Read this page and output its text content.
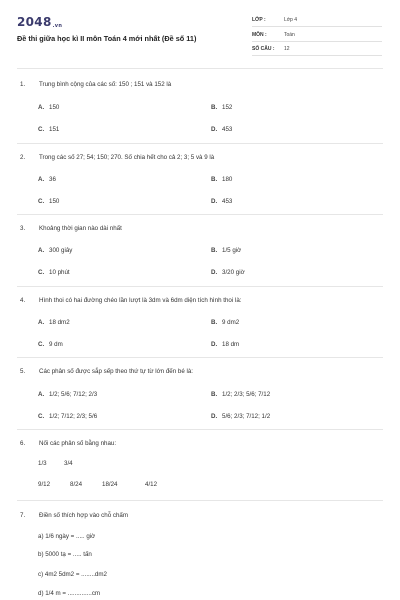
2048.vn
Đề thi giữa học kì II môn Toán 4 mới nhất (Đề số 11)
LỚP :	Lớp 4
MÔN :	Toán
SỐ CÂU : 12
1. Trung bình cộng của các số: 150 ; 151 và 152 là
A. 150	B. 152
C. 151	D. 453
2. Trong các số 27; 54; 150; 270. Số chia hết cho cả 2; 3; 5 và 9 là
A. 36	B. 180
C. 150	D. 453
3. Khoảng thời gian nào dài nhất
A. 300 giây	B. 1/5 giờ
C. 10 phút	D. 3/20 giờ
4. Hình thoi có hai đường chéo lần lượt là 3dm và 6dm diện tích hình thoi là:
A. 18 dm2	B. 9 dm2
C. 9 dm	D. 18 dm
5. Các phân số được sắp sếp theo thứ tự từ lớn đến bé là:
A. 1/2; 5/6; 7/12; 2/3	B. 1/2; 2/3; 5/6; 7/12
C. 1/2; 7/12; 2/3; 5/6	D. 5/6; 2/3; 7/12; 1/2
6. Nối các phân số bằng nhau:
1/3	3/4
9/12	8/24	18/24	4/12
7. Điền số thích hợp vào chỗ chấm
a) 1/6 ngày = ..... giờ
b) 5000 tạ = ..... tấn
c) 4m2 5dm2 = ........dm2
d) 1/4 m = ..............cm
